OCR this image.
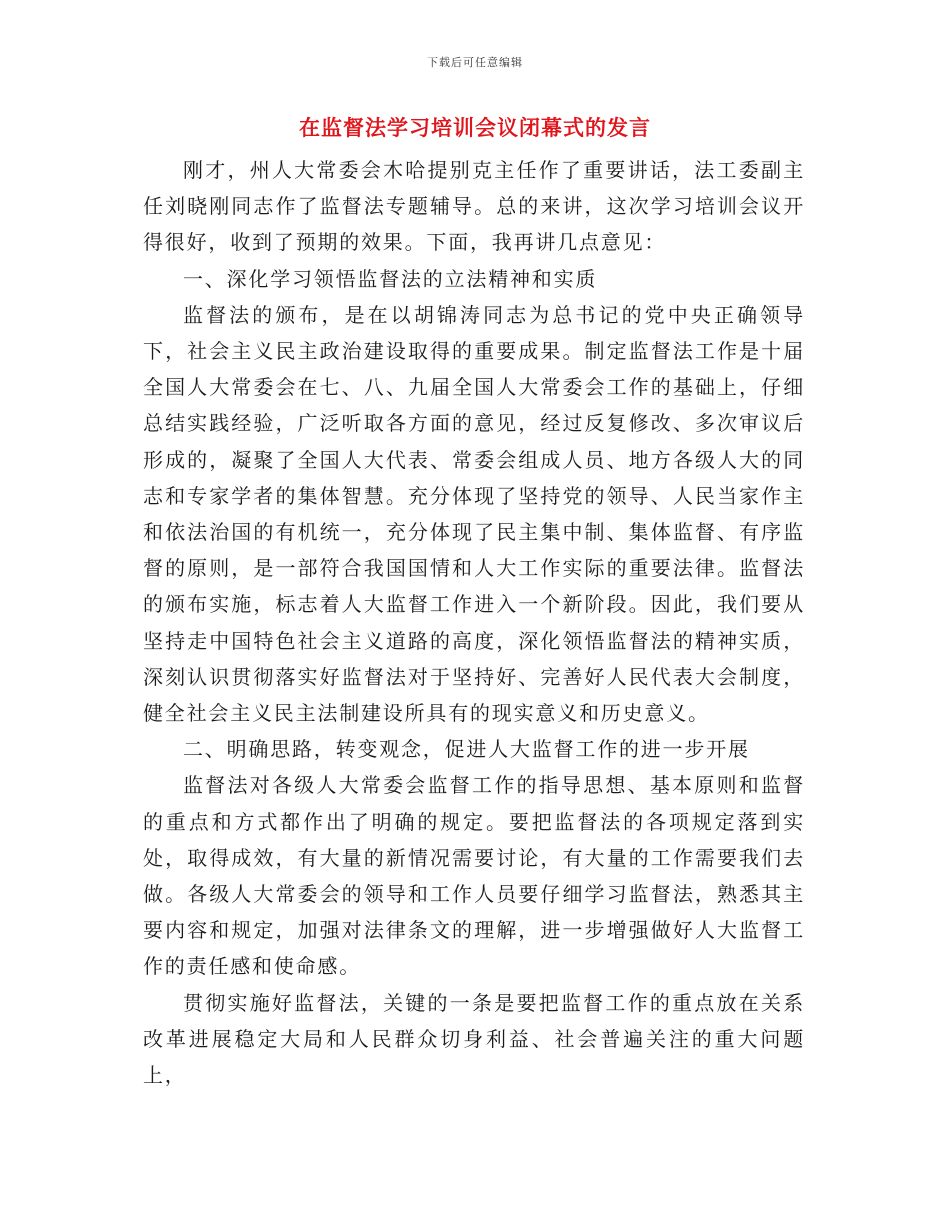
下载后可任意编辑
在监督法学习培训会议闭幕式的发言

刚才，州人大常委会木哈提别克主任作了重要讲话，法工委副主任刘晓刚同志作了监督法专题辅导。总的来讲，这次学习培训会议开得很好，收到了预期的效果。下面，我再讲几点意见：

一、深化学习领悟监督法的立法精神和实质

监督法的颁布，是在以胡锦涛同志为总书记的党中央正确领导下，社会主义民主政治建设取得的重要成果。制定监督法工作是十届全国人大常委会在七、八、九届全国人大常委会工作的基础上，仔细总结实践经验，广泛听取各方面的意见，经过反复修改、多次审议后形成的，凝聚了全国人大代表、常委会组成人员、地方各级人大的同志和专家学者的集体智慧。充分体现了坚持党的领导、人民当家作主和依法治国的有机统一，充分体现了民主集中制、集体监督、有序监督的原则，是一部符合我国国情和人大工作实际的重要法律。监督法的颁布实施，标志着人大监督工作进入一个新阶段。因此，我们要从坚持走中国特色社会主义道路的高度，深化领悟监督法的精神实质，深刻认识贯彻落实好监督法对于坚持好、完善好人民代表大会制度，健全社会主义民主法制建设所具有的现实意义和历史意义。

二、明确思路，转变观念，促进人大监督工作的进一步开展

监督法对各级人大常委会监督工作的指导思想、基本原则和监督的重点和方式都作出了明确的规定。要把监督法的各项规定落到实处，取得成效，有大量的新情况需要讨论，有大量的工作需要我们去做。各级人大常委会的领导和工作人员要仔细学习监督法，熟悉其主要内容和规定，加强对法律条文的理解，进一步增强做好人大监督工作的责任感和使命感。

贯彻实施好监督法，关键的一条是要把监督工作的重点放在关系改革进展稳定大局和人民群众切身利益、社会普遍关注的重大问题上，
